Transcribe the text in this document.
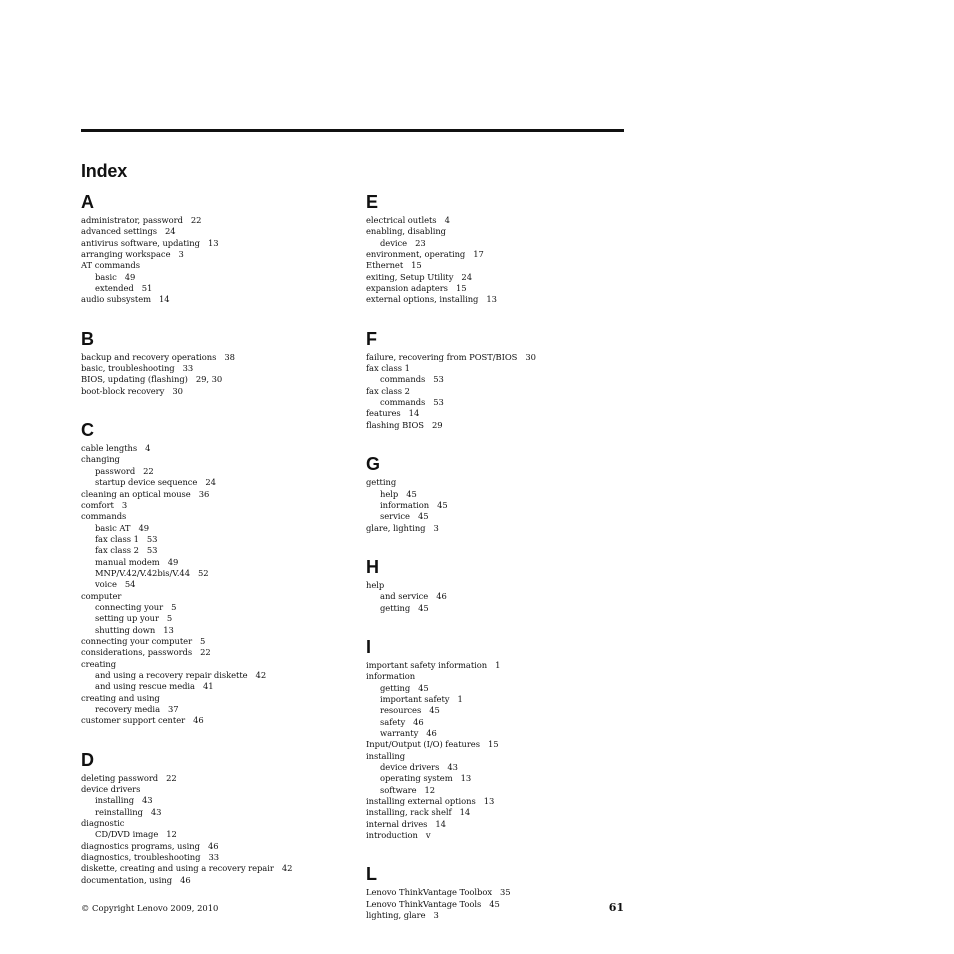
Index
A
administrator, password 22
advanced settings 24
antivirus software, updating 13
arranging workspace 3
AT commands
basic 49
extended 51
audio subsystem 14
B
backup and recovery operations 38
basic, troubleshooting 33
BIOS, updating (flashing) 29, 30
boot-block recovery 30
C
cable lengths 4
changing
password 22
startup device sequence 24
cleaning an optical mouse 36
comfort 3
commands
basic AT 49
fax class 1 53
fax class 2 53
manual modem 49
MNP/V.42/V.42bis/V.44 52
voice 54
computer
connecting your 5
setting up your 5
shutting down 13
connecting your computer 5
considerations, passwords 22
creating
and using a recovery repair diskette 42
and using rescue media 41
creating and using
recovery media 37
customer support center 46
D
deleting password 22
device drivers
installing 43
reinstalling 43
diagnostic
CD/DVD image 12
diagnostics programs, using 46
diagnostics, troubleshooting 33
diskette, creating and using a recovery repair 42
documentation, using 46
E
electrical outlets 4
enabling, disabling
device 23
environment, operating 17
Ethernet 15
exiting, Setup Utility 24
expansion adapters 15
external options, installing 13
F
failure, recovering from POST/BIOS 30
fax class 1
commands 53
fax class 2
commands 53
features 14
flashing BIOS 29
G
getting
help 45
information 45
service 45
glare, lighting 3
H
help
and service 46
getting 45
I
important safety information 1
information
getting 45
important safety 1
resources 45
safety 46
warranty 46
Input/Output (I/O) features 15
installing
device drivers 43
operating system 13
software 12
installing external options 13
installing, rack shelf 14
internal drives 14
introduction v
L
Lenovo ThinkVantage Toolbox 35
Lenovo ThinkVantage Tools 45
lighting, glare 3
© Copyright Lenovo 2009, 2010	61
